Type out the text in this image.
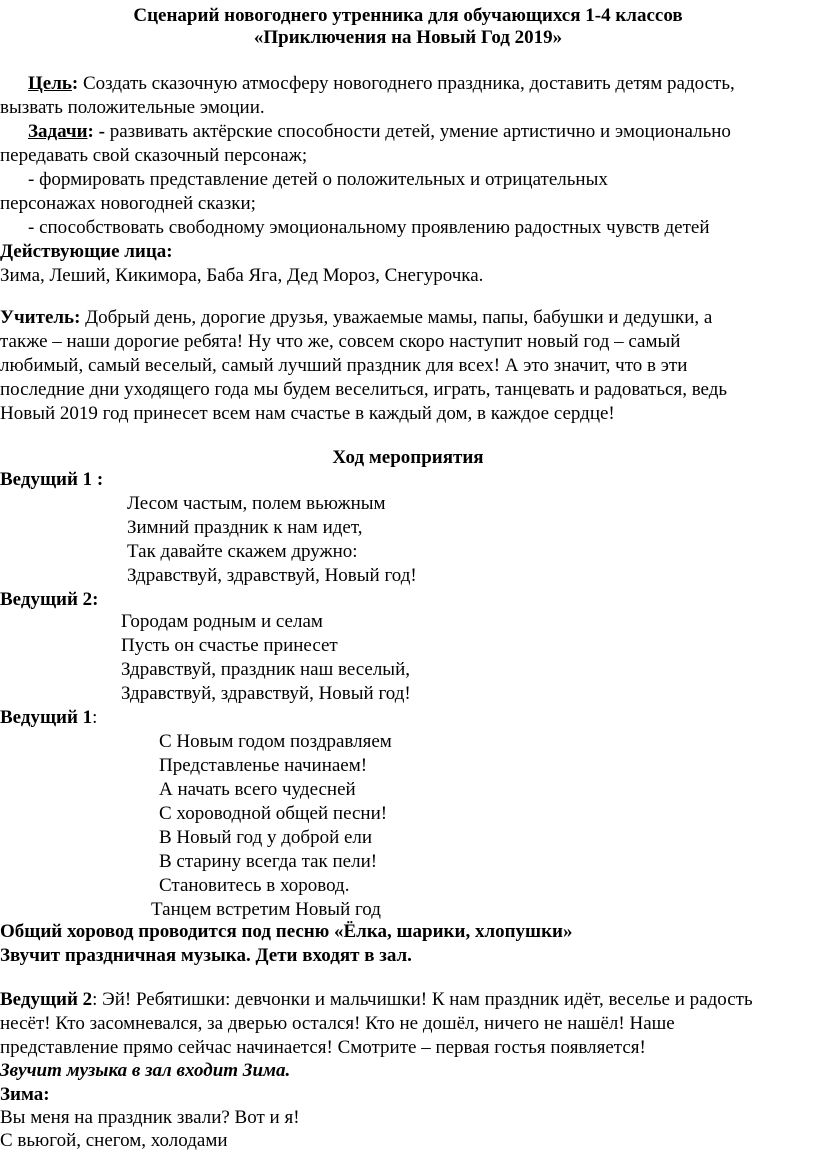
Сценарий новогоднего утренника для обучающихся 1-4 классов
«Приключения на Новый Год 2019»
Цель: Создать сказочную атмосферу новогоднего праздника, доставить детям радость,
вызвать положительные эмоции.
Задачи: - развивать актёрские способности детей, умение артистично и эмоционально
передавать свой сказочный персонаж;
- формировать представление детей о положительных и отрицательных
персонажах новогодней сказки;
- способствовать свободному эмоциональному проявлению радостных чувств детей
Действующие лица:
Зима, Леший, Кикимора, Баба Яга, Дед Мороз, Снегурочка.
Учитель: Добрый день, дорогие друзья, уважаемые мамы, папы, бабушки и дедушки, а
также – наши дорогие ребята! Ну что же, совсем скоро наступит новый год – самый
любимый, самый веселый, самый лучший праздник для всех! А это значит, что в эти
последние дни уходящего года мы будем веселиться, играть, танцевать и радоваться, ведь
Новый 2019 год принесет всем нам счастье в каждый дом, в каждое сердце!
Ход мероприятия
Ведущий 1 :
Лесом частым, полем вьюжным
Зимний праздник к нам идет,
Так давайте скажем дружно:
Здравствуй, здравствуй, Новый год!
Ведущий 2:
Городам родным и селам
Пусть он счастье принесет
Здравствуй, праздник наш веселый,
Здравствуй, здравствуй, Новый год!
Ведущий 1:
С Новым годом поздравляем
Представленье начинаем!
А начать всего чудесней
С хороводной общей песни!
В Новый год у доброй ели
В старину всегда так пели!
Становитесь в хоровод.
Танцем встретим Новый год
Общий хоровод проводится под песню «Ёлка, шарики, хлопушки»
Звучит праздничная музыка. Дети входят в зал.
Ведущий 2: Эй! Ребятишки: девчонки и мальчишки! К нам праздник идёт, веселье и радость
несёт! Кто засомневался, за дверью остался! Кто не дошёл, ничего не нашёл! Наше
представление прямо сейчас начинается! Смотрите – первая гостья появляется!
Звучит музыка в зал входит Зима.
Зима:
Вы меня на праздник звали? Вот и я!
С вьюгой, снегом, холодами
